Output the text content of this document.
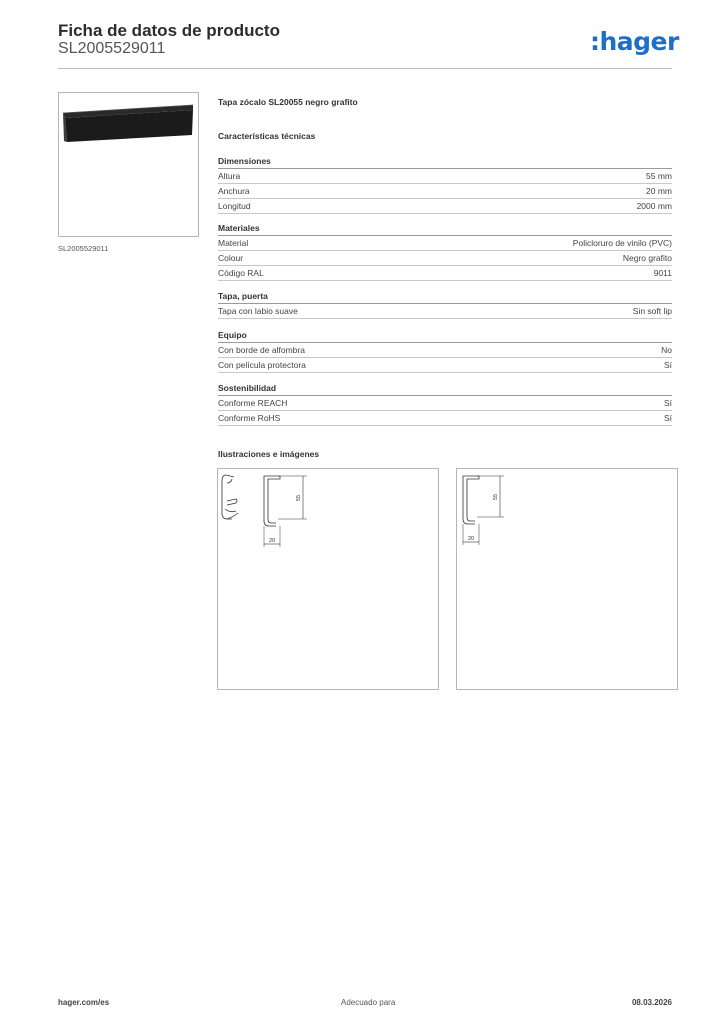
Ficha de datos de producto
SL2005529011	:hager
SL2005529011
Tapa zócalo SL20055 negro grafito
Características técnicas
Dimensiones
Altura	55 mm
Anchura	20 mm
Longitud	2000 mm
Materiales
Material	Policloruro de vinilo (PVC)
Colour	Negro grafito
Código RAL	9011
Tapa, puerta
Tapa con labio suave	Sin soft lip
Equipo
Con borde de alfombra	No
Con película protectora	Sí
Sostenibilidad
Conforme REACH	Sí
Conforme RoHS	Sí
Ilustraciones e imágenes
55
20
55
20
hager.com/es	Adecuado para	08.03.2026
